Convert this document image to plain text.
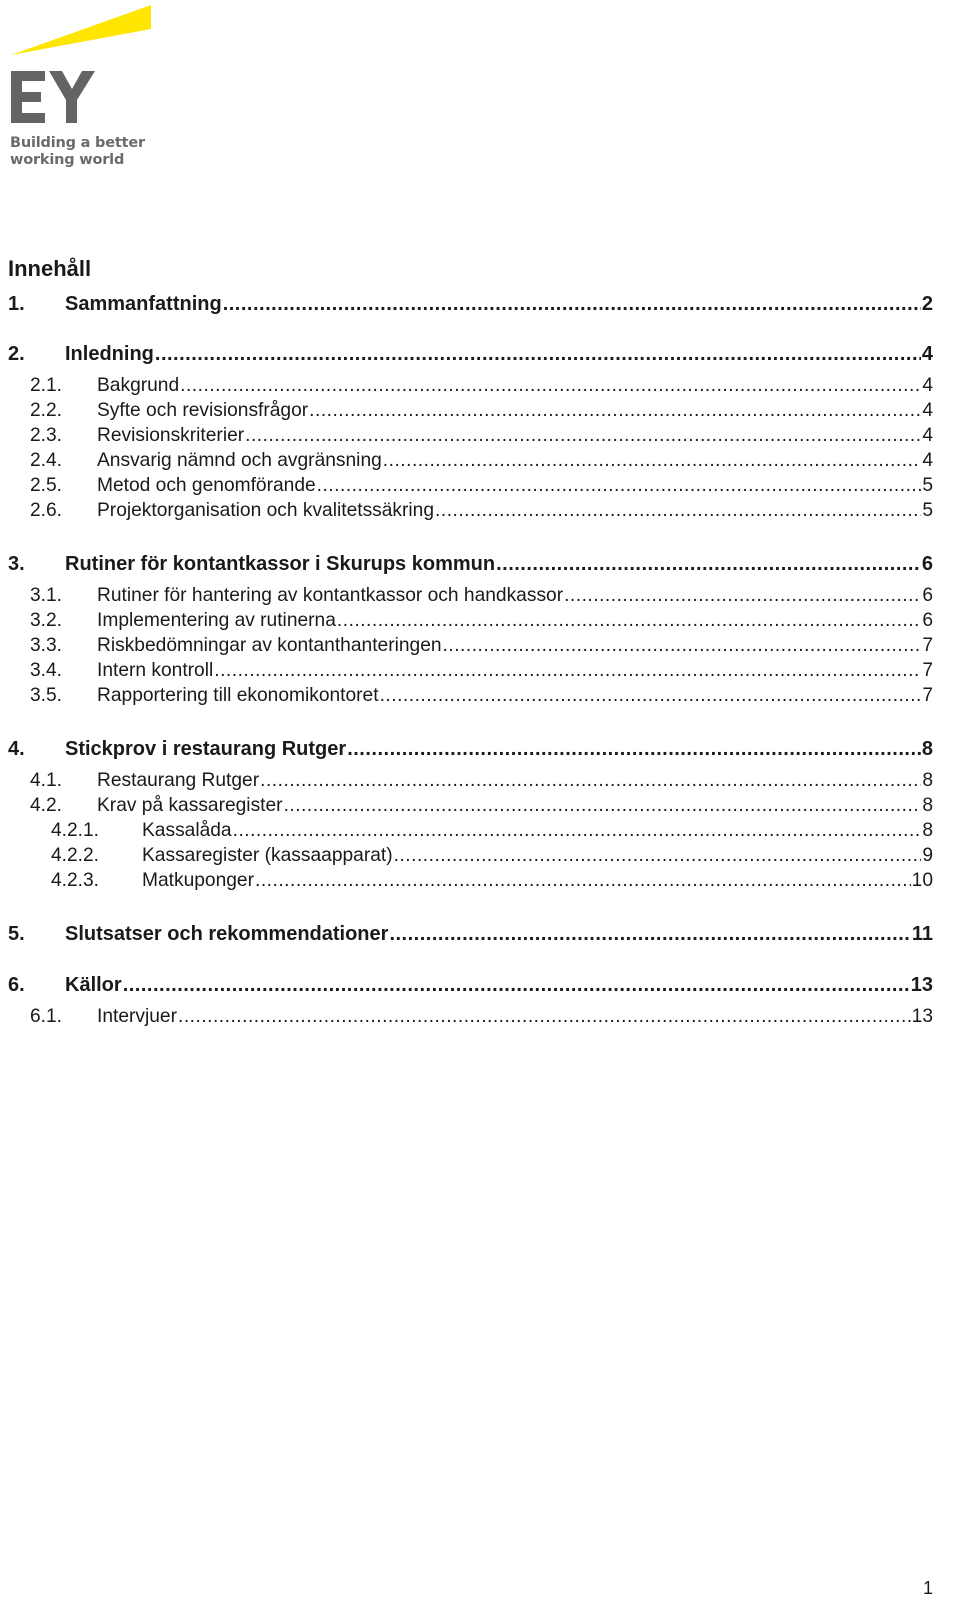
Building a better
working world
Innehåll
1.	Sammanfattning .....	2
2.	Inledning .....	4
2.1.	Bakgrund .....	4
2.2.	Syfte och revisionsfrågor .....	4
2.3.	Revisionskriterier .....	4
2.4.	Ansvarig nämnd och avgränsning .....	4
2.5.	Metod och genomförande .....	5
2.6.	Projektorganisation och kvalitetssäkring .....	5
3.	Rutiner för kontantkassor i Skurups kommun .....	6
3.1.	Rutiner för hantering av kontantkassor och handkassor .....	6
3.2.	Implementering av rutinerna .....	6
3.3.	Riskbedömningar av kontanthanteringen .....	7
3.4.	Intern kontroll .....	7
3.5.	Rapportering till ekonomikontoret .....	7
4.	Stickprov i restaurang Rutger .....	8
4.1.	Restaurang Rutger .....	8
4.2.	Krav på kassaregister .....	8
4.2.1.	Kassalåda .....	8
4.2.2.	Kassaregister (kassaapparat) .....	9
4.2.3.	Matkuponger .....	10
5.	Slutsatser och rekommendationer .....	11
6.	Källor .....	13
6.1.	Intervjuer .....	13
1
